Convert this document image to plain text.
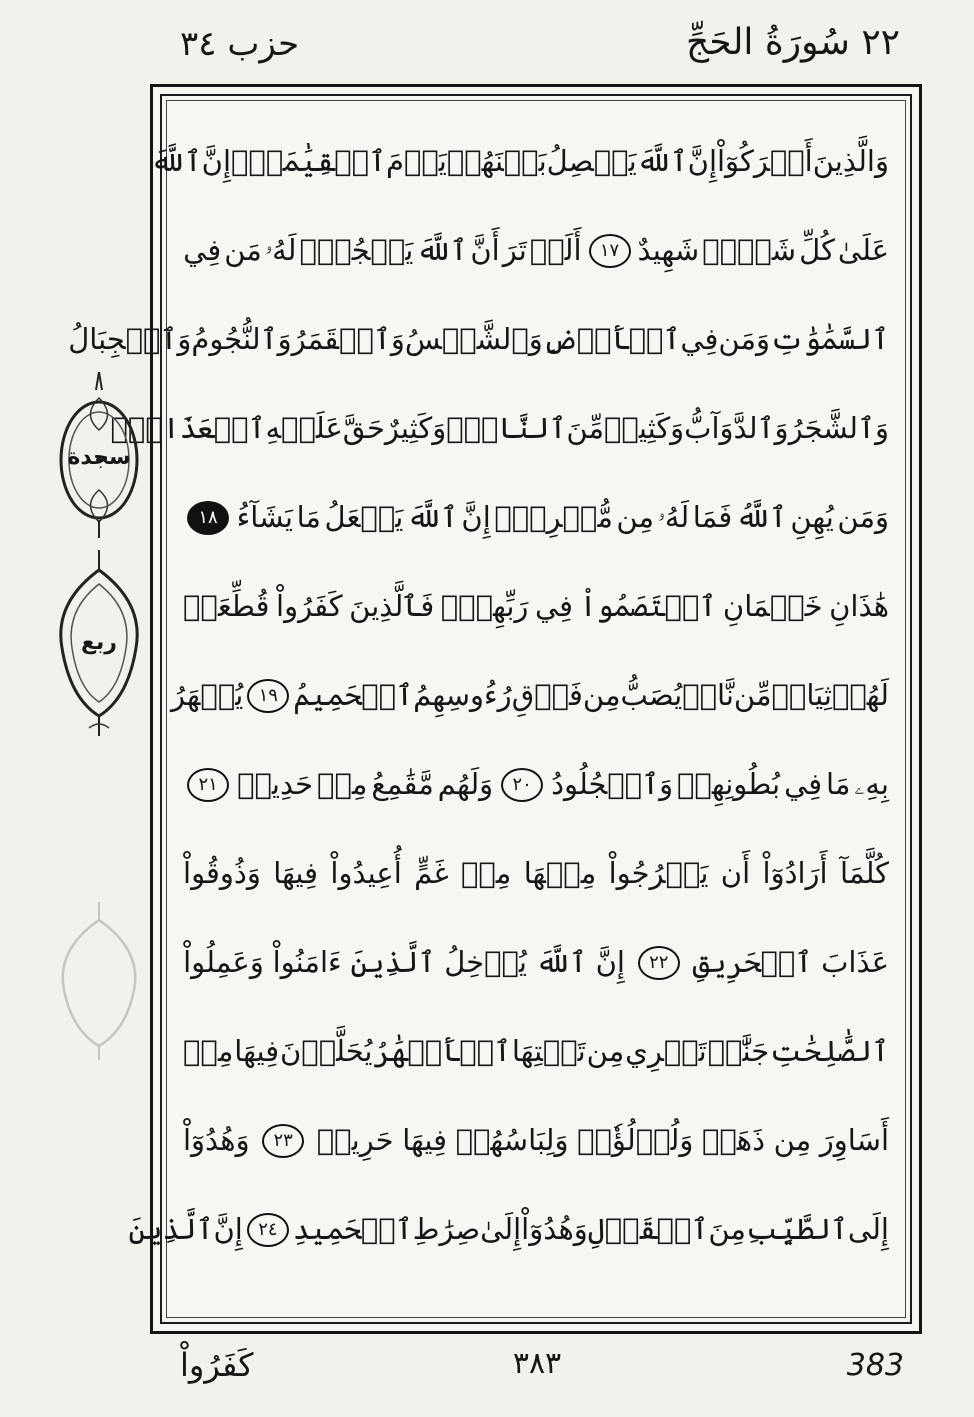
حزب ٣٤	٢٢ سُورَةُ الحَجِّ
سجدة
ربع
وَالَّذِينَ
أَشۡرَكُوٓاْ
إِنَّ
ٱللَّهَ
يَفۡصِلُ
بَيۡنَهُمۡ
يَوۡمَ
ٱلۡقِيَٰمَةِۚ
إِنَّ
ٱللَّهَ
عَلَىٰ
كُلِّ
شَيۡءٖ
شَهِيدٌ
١٧
أَلَمۡ
تَرَ
أَنَّ
ٱللَّهَ
يَسۡجُدُۤ
لَهُۥ
مَن
فِي
ٱلسَّمَٰوَٰتِ
وَمَن
فِي
ٱلۡأَرۡضِ
وَٱلشَّمۡسُ
وَٱلۡقَمَرُ
وَٱلنُّجُومُ
وَٱلۡجِبَالُ
وَٱلشَّجَرُ
وَٱلدَّوَآبُّ
وَكَثِيرٞ
مِّنَ
ٱلنَّاسِۖ
وَكَثِيرٌ
حَقَّ
عَلَيۡهِ
ٱلۡعَذَابُۗ
وَمَن
يُهِنِ
ٱللَّهُ
فَمَا
لَهُۥ
مِن
مُّكۡرِمٍۚ
إِنَّ
ٱللَّهَ
يَفۡعَلُ
مَا
يَشَآءُ
١٨
هَٰذَانِ
خَصۡمَانِ
ٱخۡتَصَمُواْ
فِي
رَبِّهِمۡۖ
فَٱلَّذِينَ
كَفَرُواْ
قُطِّعَتۡ
لَهُمۡ
ثِيَابٞ
مِّن
نَّارٖ
يُصَبُّ
مِن
فَوۡقِ
رُءُوسِهِمُ
ٱلۡحَمِيمُ
١٩
يُصۡهَرُ
بِهِۦ
مَا
فِي
بُطُونِهِمۡ
وَٱلۡجُلُودُ
٢٠
وَلَهُم
مَّقَٰمِعُ
مِنۡ
حَدِيدٖ
٢١
كُلَّمَآ
أَرَادُوٓاْ
أَن
يَخۡرُجُواْ
مِنۡهَا
مِنۡ
غَمٍّ
أُعِيدُواْ
فِيهَا
وَذُوقُواْ
عَذَابَ
ٱلۡحَرِيقِ
٢٢
إِنَّ
ٱللَّهَ
يُدۡخِلُ
ٱلَّذِينَ
ءَامَنُواْ
وَعَمِلُواْ
ٱلصَّٰلِحَٰتِ
جَنَّٰتٖ
تَجۡرِي
مِن
تَحۡتِهَا
ٱلۡأَنۡهَٰرُ
يُحَلَّوۡنَ
فِيهَا
مِنۡ
أَسَاوِرَ
مِن
ذَهَبٖ
وَلُؤۡلُؤٗاۖ
وَلِبَاسُهُمۡ
فِيهَا
حَرِيرٞ
٢٣
وَهُدُوٓاْ
إِلَى
ٱلطَّيِّبِ
مِنَ
ٱلۡقَوۡلِ
وَهُدُوٓاْ
إِلَىٰ
صِرَٰطِ
ٱلۡحَمِيدِ
٢٤
إِنَّ
ٱلَّذِينَ
كَفَرُواْ	٣٨٣	383
